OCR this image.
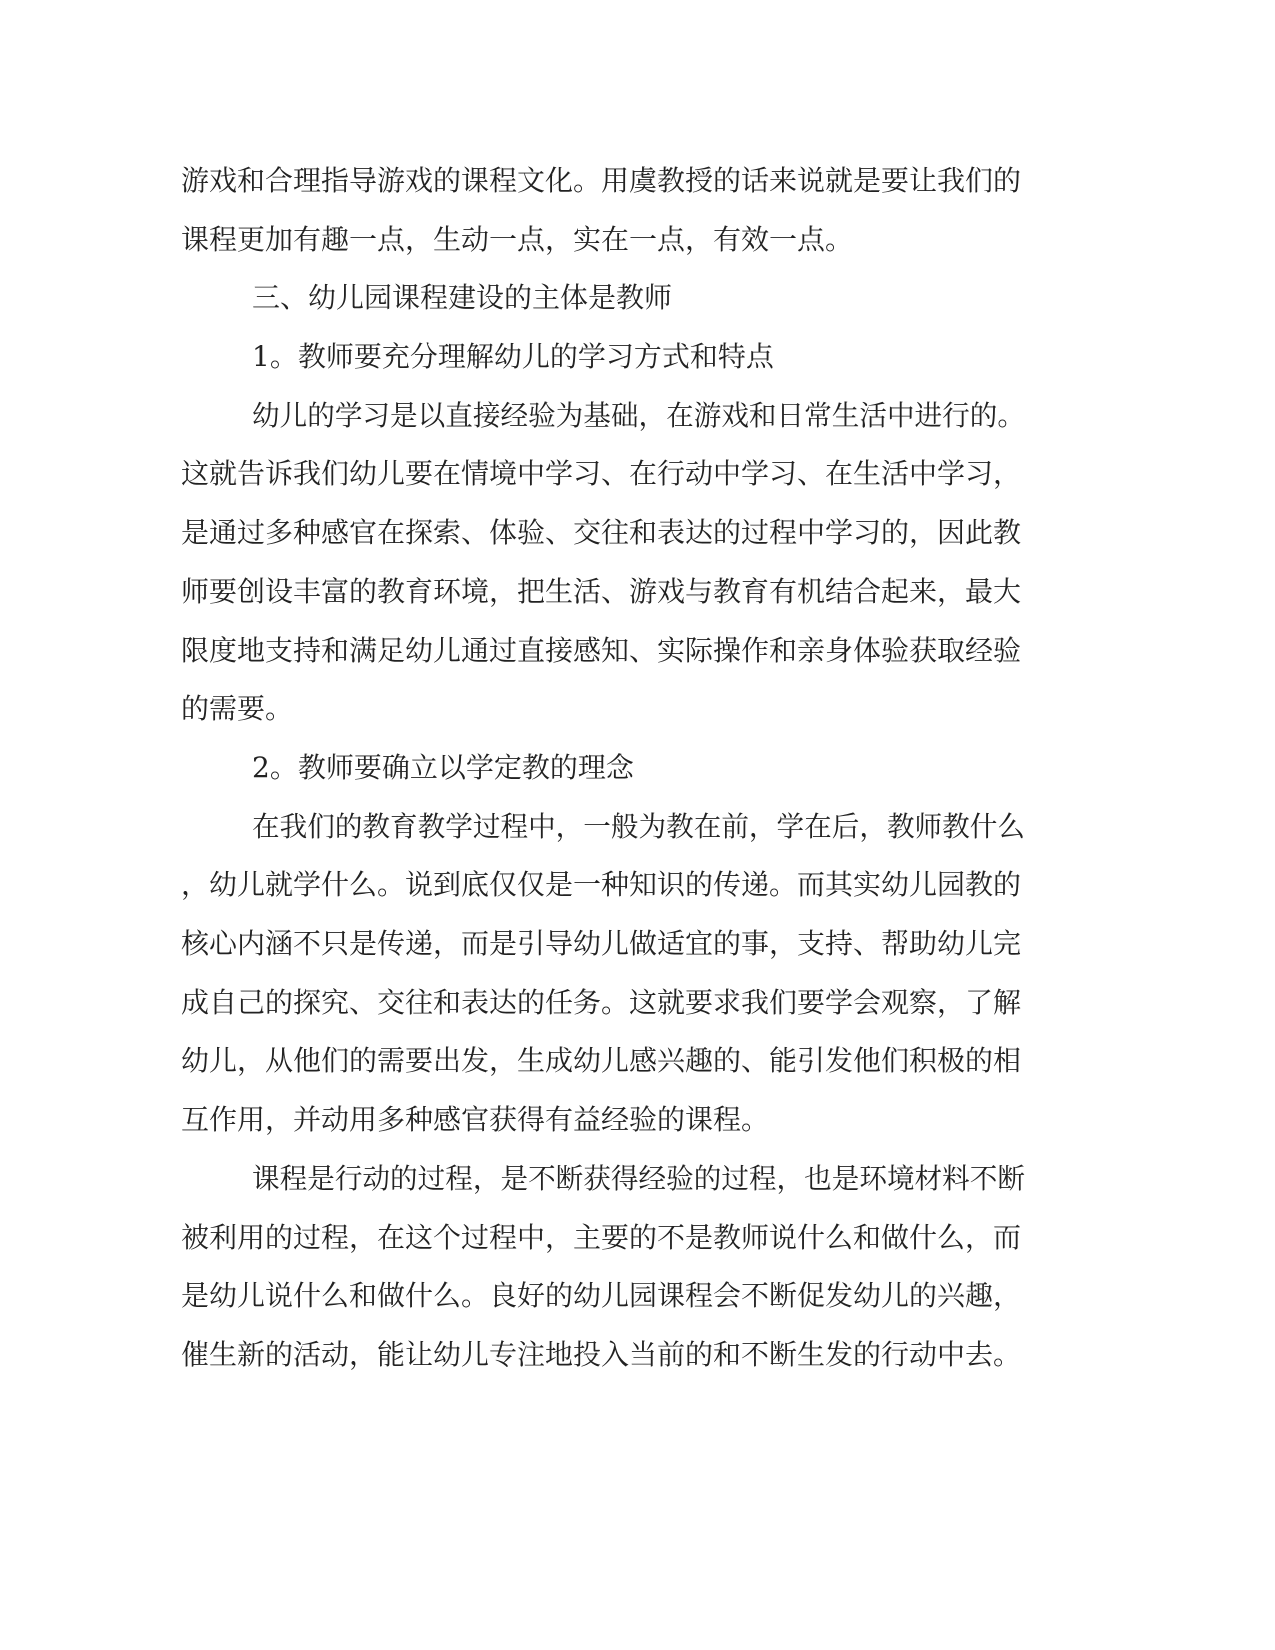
游戏和合理指导游戏的课程文化。用虞教授的话来说就是要让我们的

课程更加有趣一点，生动一点，实在一点，有效一点。

三、幼儿园课程建设的主体是教师

1。教师要充分理解幼儿的学习方式和特点

幼儿的学习是以直接经验为基础，在游戏和日常生活中进行的。

这就告诉我们幼儿要在情境中学习、在行动中学习、在生活中学习，

是通过多种感官在探索、体验、交往和表达的过程中学习的，因此教

师要创设丰富的教育环境，把生活、游戏与教育有机结合起来，最大

限度地支持和满足幼儿通过直接感知、实际操作和亲身体验获取经验

的需要。

2。教师要确立以学定教的理念

在我们的教育教学过程中，一般为教在前，学在后，教师教什么

，幼儿就学什么。说到底仅仅是一种知识的传递。而其实幼儿园教的

核心内涵不只是传递，而是引导幼儿做适宜的事，支持、帮助幼儿完

成自己的探究、交往和表达的任务。这就要求我们要学会观察，了解

幼儿，从他们的需要出发，生成幼儿感兴趣的、能引发他们积极的相

互作用，并动用多种感官获得有益经验的课程。

课程是行动的过程，是不断获得经验的过程，也是环境材料不断

被利用的过程，在这个过程中，主要的不是教师说什么和做什么，而

是幼儿说什么和做什么。良好的幼儿园课程会不断促发幼儿的兴趣，

催生新的活动，能让幼儿专注地投入当前的和不断生发的行动中去。
